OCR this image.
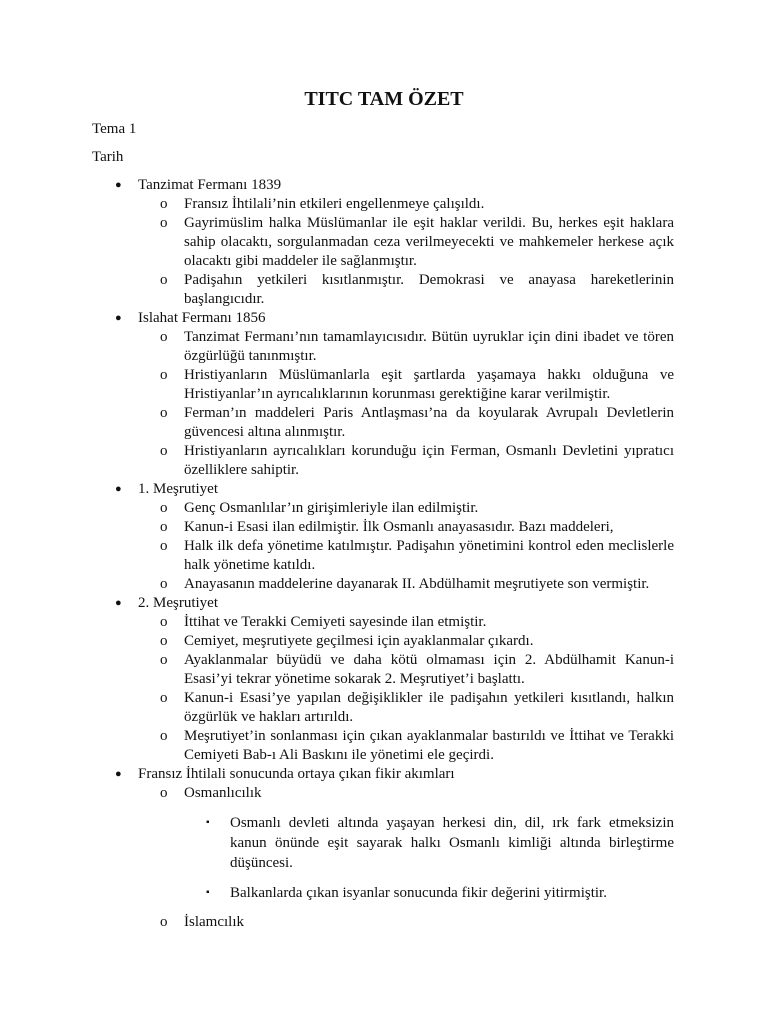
TITC TAM ÖZET
Tema 1
Tarih
● Tanzimat Fermanı 1839
o Fransız İhtilali’nin etkileri engellenmeye çalışıldı.
o Gayrimüslim halka Müslümanlar ile eşit haklar verildi. Bu, herkes eşit haklara sahip olacaktı, sorgulanmadan ceza verilmeyecekti ve mahkemeler herkese açık olacaktı gibi maddeler ile sağlanmıştır.
o Padişahın yetkileri kısıtlanmıştır. Demokrasi ve anayasa hareketlerinin başlangıcıdır.
● Islahat Fermanı 1856
o Tanzimat Fermanı’nın tamamlayıcısıdır. Bütün uyruklar için dini ibadet ve tören özgürlüğü tanınmıştır.
o Hristiyanların Müslümanlarla eşit şartlarda yaşamaya hakkı olduğuna ve Hristiyanlar’ın ayrıcalıklarının korunması gerektiğine karar verilmiştir.
o Ferman’ın maddeleri Paris Antlaşması’na da koyularak Avrupalı Devletlerin güvencesi altına alınmıştır.
o Hristiyanların ayrıcalıkları korunduğu için Ferman, Osmanlı Devletini yıpratıcı özelliklere sahiptir.
● 1. Meşrutiyet
o Genç Osmanlılar’ın girişimleriyle ilan edilmiştir.
o Kanun-i Esasi ilan edilmiştir. İlk Osmanlı anayasasıdır. Bazı maddeleri,
o Halk ilk defa yönetime katılmıştır. Padişahın yönetimini kontrol eden meclislerle halk yönetime katıldı.
o Anayasanın maddelerine dayanarak II. Abdülhamit meşrutiyete son vermiştir.
● 2. Meşrutiyet
o İttihat ve Terakki Cemiyeti sayesinde ilan etmiştir.
o Cemiyet, meşrutiyete geçilmesi için ayaklanmalar çıkardı.
o Ayaklanmalar büyüdü ve daha kötü olmaması için 2. Abdülhamit Kanun-i Esasi’yi tekrar yönetime sokarak 2. Meşrutiyet’i başlattı.
o Kanun-i Esasi’ye yapılan değişiklikler ile padişahın yetkileri kısıtlandı, halkın özgürlük ve hakları artırıldı.
o Meşrutiyet’in sonlanması için çıkan ayaklanmalar bastırıldı ve İttihat ve Terakki Cemiyeti Bab-ı Ali Baskını ile yönetimi ele geçirdi.
● Fransız İhtilali sonucunda ortaya çıkan fikir akımları
o Osmanlıcılık
▪ Osmanlı devleti altında yaşayan herkesi din, dil, ırk fark etmeksizin kanun önünde eşit sayarak halkı Osmanlı kimliği altında birleştirme düşüncesi.
▪ Balkanlarda çıkan isyanlar sonucunda fikir değerini yitirmiştir.
o İslamcılık
